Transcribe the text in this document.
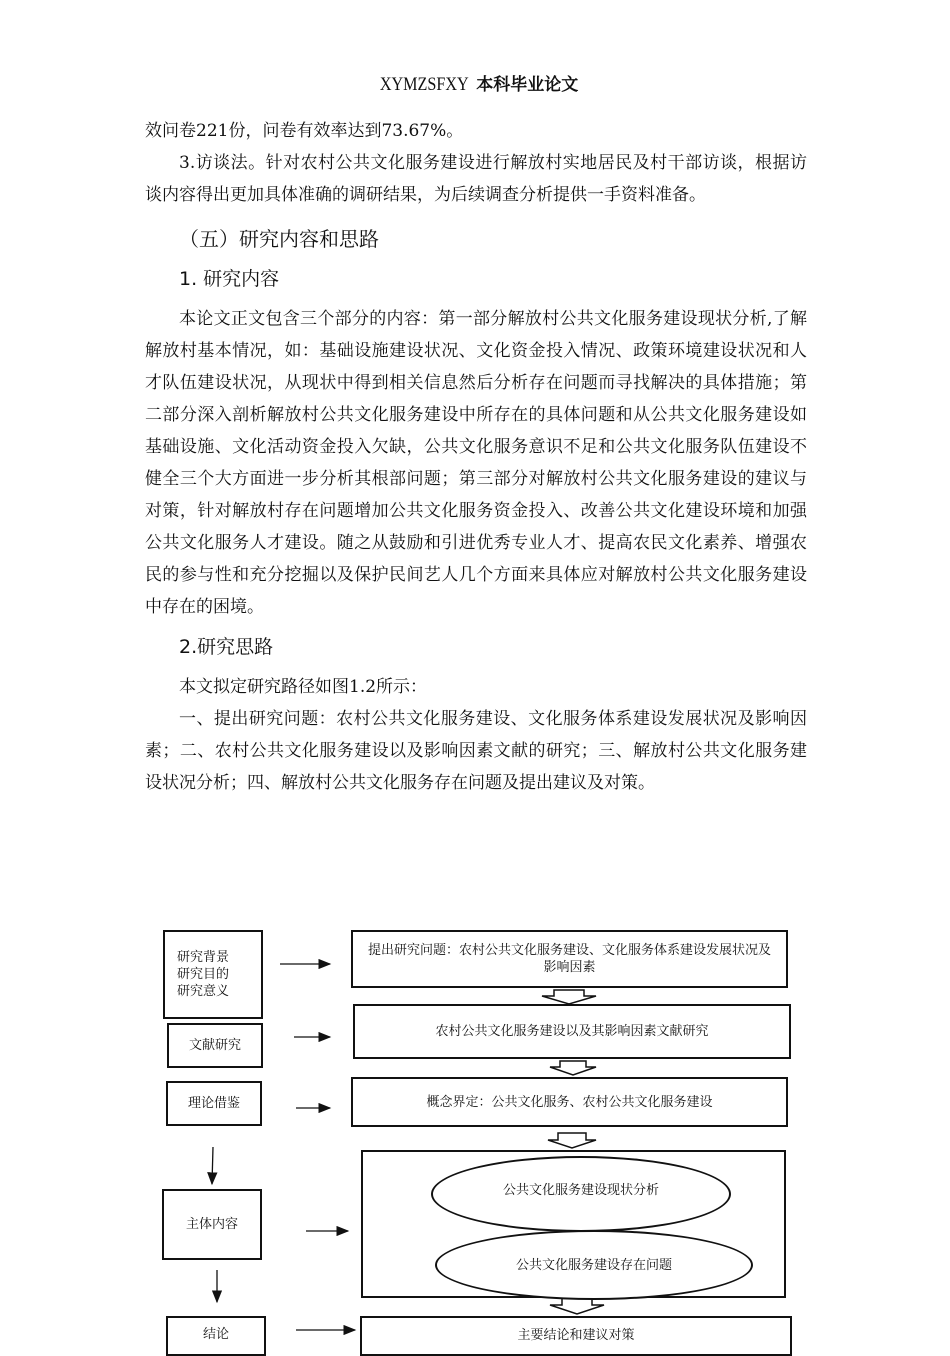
XYMZSFXY 本科毕业论文

效问卷221份，问卷有效率达到73.67%。

3.访谈法。针对农村公共文化服务建设进行解放村实地居民及村干部访谈，根据访谈内容得出更加具体准确的调研结果，为后续调查分析提供一手资料准备。

（五）研究内容和思路
1. 研究内容

本论文正文包含三个部分的内容：第一部分解放村公共文化服务建设现状分析,了解解放村基本情况，如：基础设施建设状况、文化资金投入情况、政策环境建设状况和人才队伍建设状况，从现状中得到相关信息然后分析存在问题而寻找解决的具体措施；第二部分深入剖析解放村公共文化服务建设中所存在的具体问题和从公共文化服务建设如基础设施、文化活动资金投入欠缺，公共文化服务意识不足和公共文化服务队伍建设不健全三个大方面进一步分析其根部问题；第三部分对解放村公共文化服务建设的建议与对策，针对解放村存在问题增加公共文化服务资金投入、改善公共文化建设环境和加强公共文化服务人才建设。随之从鼓励和引进优秀专业人才、提高农民文化素养、增强农民的参与性和充分挖掘以及保护民间艺人几个方面来具体应对解放村公共文化服务建设中存在的困境。

2.研究思路

本文拟定研究路径如图1.2所示：

一、提出研究问题：农村公共文化服务建设、文化服务体系建设发展状况及影响因素；二、农村公共文化服务建设以及影响因素文献的研究；三、解放村公共文化服务建设状况分析；四、解放村公共文化服务存在问题及提出建议及对策。

研究背景
研究目的
研究意义
文献研究
理论借鉴
主体内容
结论
提出研究问题：农村公共文化服务建设、文化服务体系建设发展状况及影响因素
农村公共文化服务建设以及其影响因素文献研究
概念界定：公共文化服务、农村公共文化服务建设
公共文化服务建设现状分析
公共文化服务建设存在问题
主要结论和建议对策
